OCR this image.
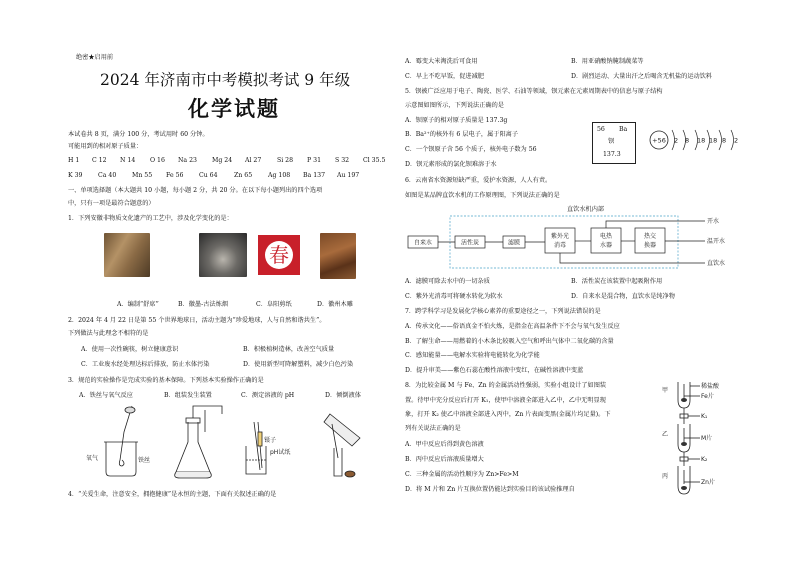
绝密★启用前
2024 年济南市中考模拟考试 9 年级
化学试题
本试卷共 8 页，满分 100 分，考试用时 60 分钟。
可能用到的相对原子质量：
H 1 C 12 N 14 O 16 Na 23 Mg 24 Al 27	Si 28 P 31 S 32 Cl 35.5
K 39	Ca 40	Mn 55 Fe 56	Cu 64	Zn 65	Ag 108 Ba 137 Au 197
一、单项选择题（本大题共 10 小题，每小题 2 分，共 20 分。在以下每小题列出的四个选项
中，只有一项是最符合题意的）
1．下列安徽非物质文化遗产的工艺中，涉及化学变化的是：
春
A．编制“舒席”	B．徽墨-古法炼烟	C．阜阳剪纸	D．徽州木雕
2．2024 年 4 月 22 日是第 55 个世界地球日，活动主题为“珍爱地球，人与自然和谐共生”。
下列做法与此理念不相符的是
A．使用一次性碗筷，树立健康意识	B．积极植树造林，改善空气质量
C．工业废水经处理达标后排放，防止水体污染	D．使用新型可降解塑料，减少白色污染
3．规范的实验操作是完成实验的基本保障。下列基本实验操作正确的是
A．铁丝与氧气反应	B．组装发生装置	C．测定溶液的 pH	D．倾倒液体
氧气	铁丝
镊子
pH试纸
4．“关爱生命，注意安全，拥抱健康”是永恒的主题，下面有关叙述正确的是
A．霉变大米淘洗后可食用	B．用亚硝酸钠腌制蔬菜等
C．早上不吃早饭，促进减肥	D．剧烈运动、大量出汗之后喝含无机盐的运动饮料
5．钡被广泛应用于电子、陶瓷、医学、石油等领域，钡元素在元素周期表中的信息与原子结构
示意图如图所示，下列说法正确的是
A．钡原子的相对原子质量是 137.3g
B．Ba²⁺的核外有 6 层电子，属于阳离子
C．一个钡原子含 56 个质子，核外电子数为 56
D．钡元素形成的氯化钡难溶于水
56 Ba
钡
137.3
+56 2 8 18 18 8 2
6．云南省水资源短缺严重，爱护水资源，人人有责。
如图是某品牌直饮水机的工作原理图，下列说法正确的是
直饮水机内部
自来水	活性炭	滤膜
紫外光
消毒
电热
水器
热交
换器
开水
温开水
直饮水
A．滤膜可除去水中的一切杂质	B．活性炭在该装置中起吸附作用
C．紫外光消毒可将硬水转化为软水	D．自来水是混合物，直饮水是纯净物
7．跨学科学习是发展化学核心素养的重要途径之一，下列说法错误的是
A．传承文化——俗语真金不怕火炼，是指金在高温条件下不会与氧气发生反应
B．了解生命——用燃着的小木条比较吸入空气和呼出气体中二氧化碳的含量
C．感知能量——电解水实验将电能转化为化学能
D．提升审美——紫色石蕊在酸性溶液中变红，在碱性溶液中变蓝
8．为比较金属 M 与 Fe、Zn 的金属活动性强弱，实验小组设计了如图装
置。待甲中充分反应后打开 K₁，使甲中溶液全部进入乙中，乙中无明显现
象，打开 K₂ 使乙中溶液全部进入丙中，Zn 片表面变黑(金属片均足量)。下
列有关说法正确的是
A．甲中反应后得到黄色溶液
B．丙中反应后溶液质量增大
C．三种金属的活动性顺序为 Zn>Fe>M
D．将 M 片和 Zn 片互换位置仍能达到实验目的该试验推理自
甲
乙
丙
稀盐酸
Fe片
K₁
M片
K₂
Zn片
